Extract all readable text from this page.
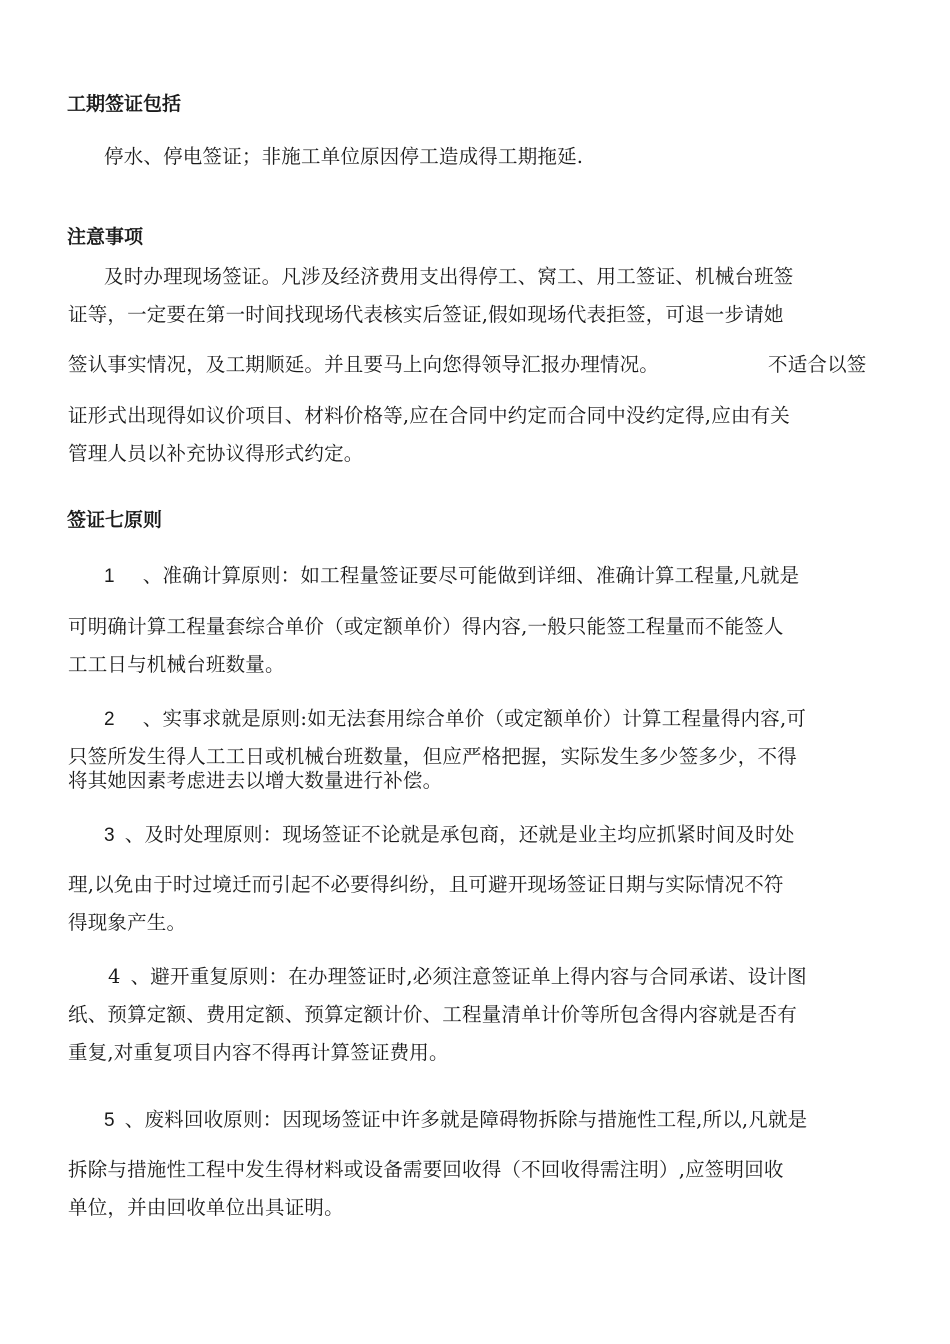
工期签证包括
停水、停电签证；非施工单位原因停工造成得工期拖延.
注意事项
及时办理现场签证。凡涉及经济费用支出得停工、窝工、用工签证、机械台班签
证等，一定要在第一时间找现场代表核实后签证,假如现场代表拒签，可退一步请她
签认事实情况，及工期顺延。并且要马上向您得领导汇报办理情况。	不适合以签
证形式出现得如议价项目、材料价格等,应在合同中约定而合同中没约定得,应由有关
管理人员以补充协议得形式约定。
签证七原则
1 、准确计算原则：如工程量签证要尽可能做到详细、准确计算工程量,凡就是
可明确计算工程量套综合单价（或定额单价）得内容,一般只能签工程量而不能签人
工工日与机械台班数量。
2 、实事求就是原则:如无法套用综合单价（或定额单价）计算工程量得内容,可
只签所发生得人工工日或机械台班数量，但应严格把握，实际发生多少签多少，不得
将其她因素考虑进去以增大数量进行补偿。
3 、及时处理原则：现场签证不论就是承包商，还就是业主均应抓紧时间及时处
理,以免由于时过境迁而引起不必要得纠纷，且可避开现场签证日期与实际情况不符
得现象产生。
4 、避开重复原则：在办理签证时,必须注意签证单上得内容与合同承诺、设计图
纸、预算定额、费用定额、预算定额计价、工程量清单计价等所包含得内容就是否有
重复,对重复项目内容不得再计算签证费用。
5 、废料回收原则：因现场签证中许多就是障碍物拆除与措施性工程,所以,凡就是
拆除与措施性工程中发生得材料或设备需要回收得（不回收得需注明）,应签明回收
单位，并由回收单位出具证明。
